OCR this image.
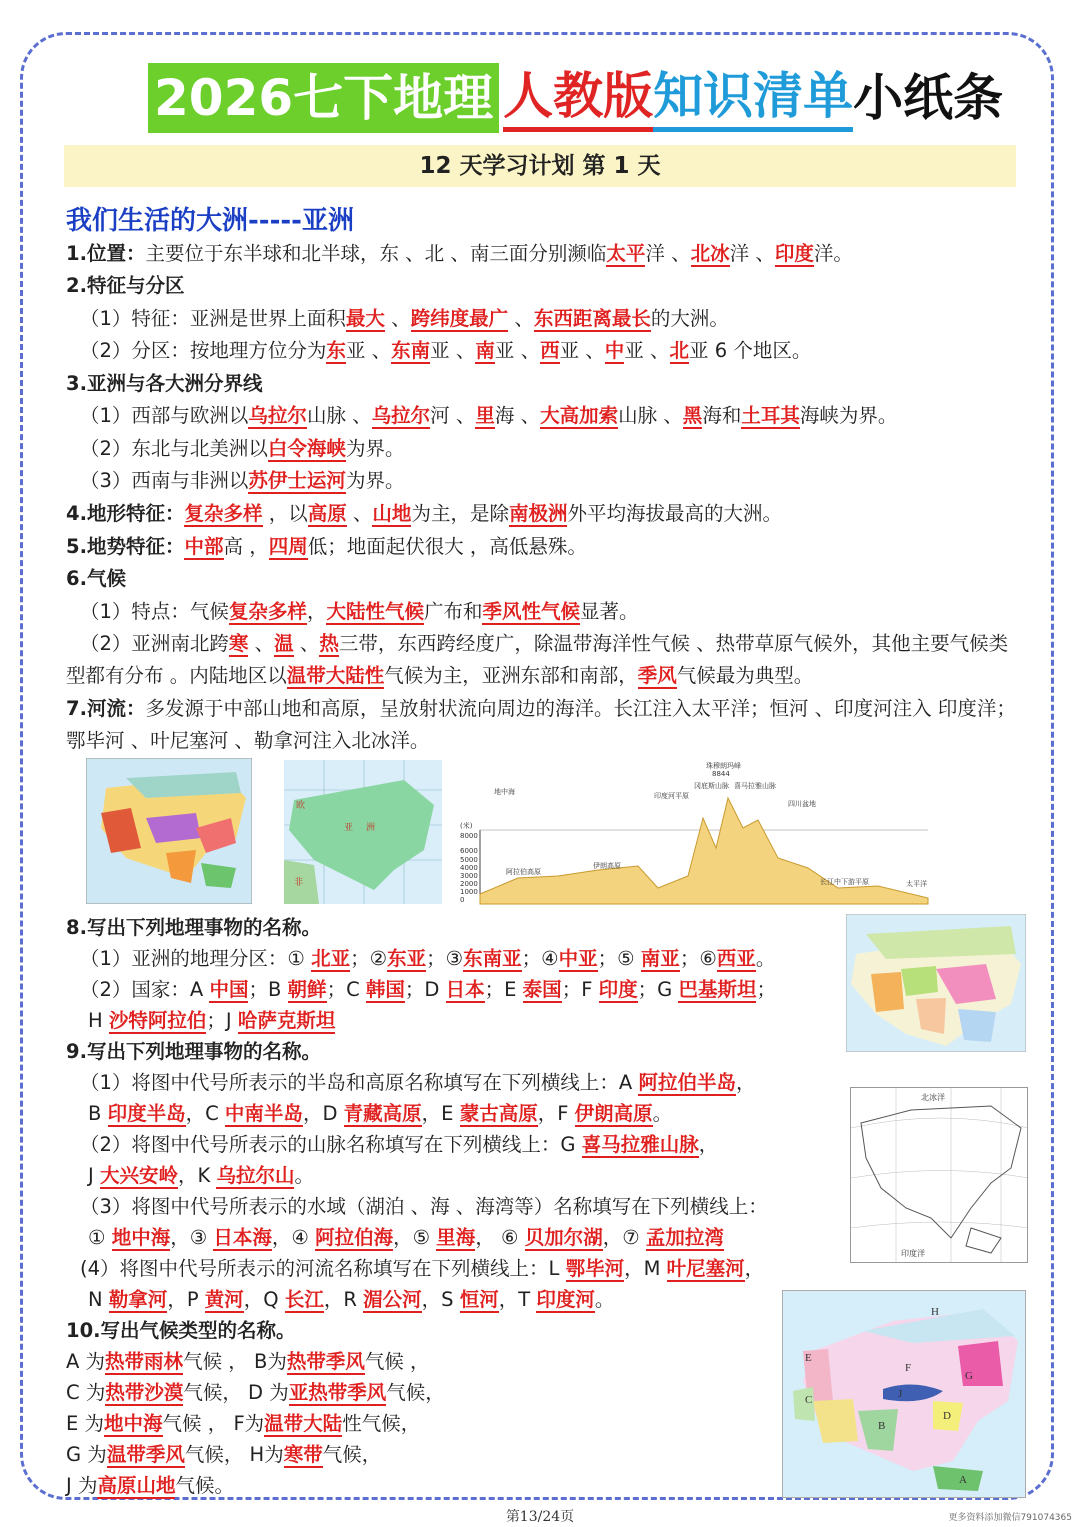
2026七下地理 人教版 知识清单 小纸条
12 天学习计划 第 1 天
我们生活的大洲-----亚洲
1.位置：主要位于东半球和北半球，东 、北 、南三面分别濒临太平洋 、北冰洋 、印度洋。
2.特征与分区
（1）特征：亚洲是世界上面积最大 、跨纬度最广 、东西距离最长的大洲。
（2）分区：按地理方位分为东亚 、东南亚 、南亚 、西亚 、中亚 、北亚 6 个地区。
3.亚洲与各大洲分界线
（1）西部与欧洲以乌拉尔山脉 、乌拉尔河 、里海 、大高加索山脉 、黑海和土耳其海峡为界。
（2）东北与北美洲以白令海峡为界。
（3）西南与非洲以苏伊士运河为界。
4.地形特征：复杂多样 ，以高原 、山地为主，是除南极洲外平均海拔最高的大洲。
5.地势特征：中部高 ，四周低；地面起伏很大 ，高低悬殊。
6.气候
（1）特点：气候复杂多样，大陆性气候广布和季风性气候显著。
（2）亚洲南北跨寒 、温 、热三带，东西跨经度广，除温带海洋性气候 、热带草原气候外，其他主要气候类型都有分布 。内陆地区以温带大陆性气候为主，亚洲东部和南部，季风气候最为典型。
7.河流：多发源于中部山地和高原，呈放射状流向周边的海洋。长江注入太平洋；恒河 、印度河注入 印度洋；鄂毕河 、叶尼塞河 、勒拿河注入北冰洋。
亚 洲
欧
非
珠穆朗玛峰
8844
(米)
8000
6000
5000
4000
3000
2000
1000
0
阿拉伯高原
伊朗高原
长江中下游平原	太平洋
四川盆地
印度河平原
地中海
冈底斯山脉 喜马拉雅山脉
8.写出下列地理事物的名称。
（1）亚洲的地理分区：① 北亚；②东亚；③东南亚；④中亚；⑤ 南亚；⑥西亚。
（2）国家：A 中国；B 朝鲜；C 韩国；D 日本；E 泰国；F 印度；G 巴基斯坦；
H 沙特阿拉伯；J 哈萨克斯坦
9.写出下列地理事物的名称。
（1）将图中代号所表示的半岛和高原名称填写在下列横线上：A 阿拉伯半岛，
B 印度半岛，C 中南半岛，D 青藏高原，E 蒙古高原，F 伊朗高原。
（2）将图中代号所表示的山脉名称填写在下列横线上：G 喜马拉雅山脉，
J 大兴安岭，K 乌拉尔山。
（3）将图中代号所表示的水域（湖泊 、海 、海湾等）名称填写在下列横线上：
① 地中海，③ 日本海，④ 阿拉伯海，⑤ 里海， ⑥ 贝加尔湖，⑦ 孟加拉湾
(4）将图中代号所表示的河流名称填写在下列横线上：L 鄂毕河，M 叶尼塞河，
N 勒拿河，P 黄河，Q 长江，R 湄公河，S 恒河，T 印度河。
北冰洋
印度洋
10.写出气候类型的名称。
A 为热带雨林气候 ， B为热带季风气候 ，
C 为热带沙漠气候， D 为亚热带季风气候，
E 为地中海气候 ， F为温带大陆性气候，
G 为温带季风气候， H为寒带气候，
J 为高原山地气候。
F
E
C
B
J
D
G
H
A
第13/24页	更多资料添加微信791074365
